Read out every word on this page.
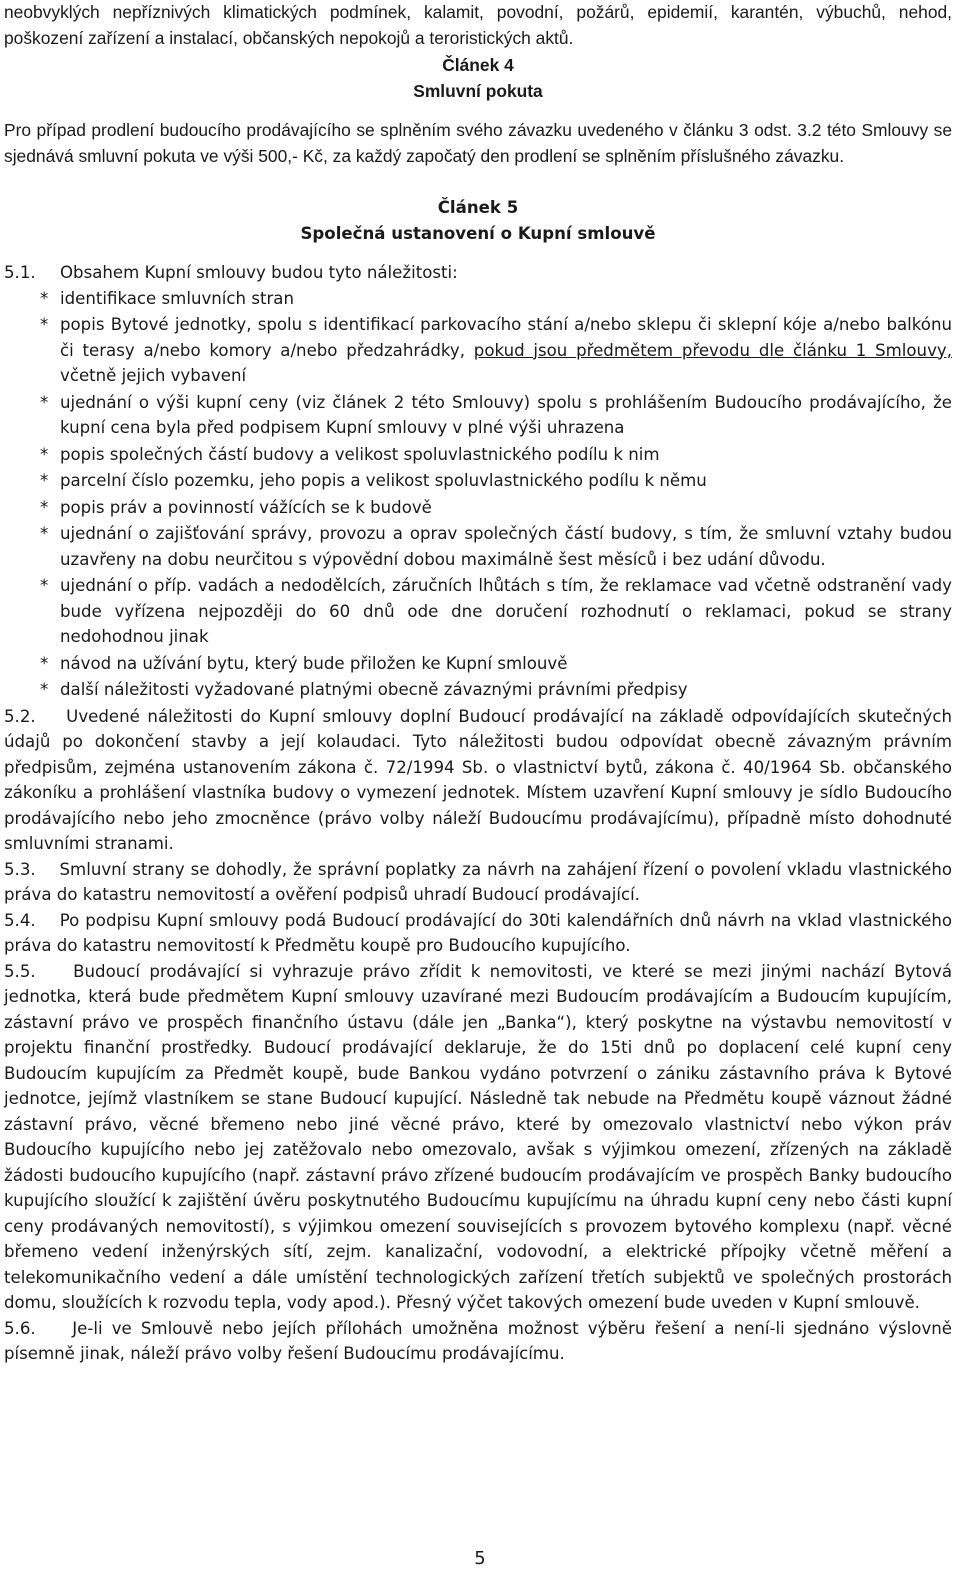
neobvyklých nepříznivých klimatických podmínek, kalamit, povodní, požárů, epidemií, karantén, výbuchů, nehod, poškození zařízení a instalací, občanských nepokojů a teroristických aktů.

Článek 4

Smluvní pokuta

Pro případ prodlení budoucího prodávajícího se splněním svého závazku uvedeného v článku 3 odst. 3.2 této Smlouvy se sjednává smluvní pokuta ve výši 500,- Kč, za každý započatý den prodlení se splněním příslušného závazku.

Článek 5

Společná ustanovení o Kupní smlouvě

5.1.	Obsahem Kupní smlouvy budou tyto náležitosti:
* identifikace smluvních stran
* popis Bytové jednotky, spolu s identifikací parkovacího stání a/nebo sklepu či sklepní kóje a/nebo balkónu či terasy a/nebo komory a/nebo předzahrádky, pokud jsou předmětem převodu dle článku 1 Smlouvy, včetně jejich vybavení
* ujednání o výši kupní ceny (viz článek 2 této Smlouvy) spolu s prohlášením Budoucího prodávajícího, že kupní cena byla před podpisem Kupní smlouvy v plné výši uhrazena
* popis společných částí budovy a velikost spoluvlastnického podílu k nim
* parcelní číslo pozemku, jeho popis a velikost spoluvlastnického podílu k němu
* popis práv a povinností vážících se k budově
* ujednání o zajišťování správy, provozu a oprav společných částí budovy, s tím, že smluvní vztahy budou uzavřeny na dobu neurčitou s výpovědní dobou maximálně šest měsíců i bez udání důvodu.
* ujednání o příp. vadách a nedodělcích, záručních lhůtách s tím, že reklamace vad včetně odstranění vady bude vyřízena nejpozději do 60 dnů ode dne doručení rozhodnutí o reklamaci, pokud se strany nedohodnou jinak
* návod na užívání bytu, který bude přiložen ke Kupní smlouvě
* další náležitosti vyžadované platnými obecně závaznými právními předpisy

5.2. Uvedené náležitosti do Kupní smlouvy doplní Budoucí prodávající na základě odpovídajících skutečných údajů po dokončení stavby a její kolaudaci. Tyto náležitosti budou odpovídat obecně závazným právním předpisům, zejména ustanovením zákona č. 72/1994 Sb. o vlastnictví bytů, zákona č. 40/1964 Sb. občanského zákoníku a prohlášení vlastníka budovy o vymezení jednotek. Místem uzavření Kupní smlouvy je sídlo Budoucího prodávajícího nebo jeho zmocněnce (právo volby náleží Budoucímu prodávajícímu), případně místo dohodnuté smluvními stranami.

5.3. Smluvní strany se dohodly, že správní poplatky za návrh na zahájení řízení o povolení vkladu vlastnického práva do katastru nemovitostí a ověření podpisů uhradí Budoucí prodávající.

5.4. Po podpisu Kupní smlouvy podá Budoucí prodávající do 30ti kalendářních dnů návrh na vklad vlastnického práva do katastru nemovitostí k Předmětu koupě pro Budoucího kupujícího.

5.5. Budoucí prodávající si vyhrazuje právo zřídit k nemovitosti, ve které se mezi jinými nachází Bytová jednotka, která bude předmětem Kupní smlouvy uzavírané mezi Budoucím prodávajícím a Budoucím kupujícím, zástavní právo ve prospěch finančního ústavu (dále jen „Banka“), který poskytne na výstavbu nemovitostí v projektu finanční prostředky. Budoucí prodávající deklaruje, že do 15ti dnů po doplacení celé kupní ceny Budoucím kupujícím za Předmět koupě, bude Bankou vydáno potvrzení o zániku zástavního práva k Bytové jednotce, jejímž vlastníkem se stane Budoucí kupující. Následně tak nebude na Předmětu koupě váznout žádné zástavní právo, věcné břemeno nebo jiné věcné právo, které by omezovalo vlastnictví nebo výkon práv Budoucího kupujícího nebo jej zatěžovalo nebo omezovalo, avšak s výjimkou omezení, zřízených na základě žádosti budoucího kupujícího (např. zástavní právo zřízené budoucím prodávajícím ve prospěch Banky budoucího kupujícího sloužící k zajištění úvěru poskytnutého Budoucímu kupujícímu na úhradu kupní ceny nebo části kupní ceny prodávaných nemovitostí), s výjimkou omezení souvisejících s provozem bytového komplexu (např. věcné břemeno vedení inženýrských sítí, zejm. kanalizační, vodovodní, a elektrické přípojky včetně měření a telekomunikačního vedení a dále umístění technologických zařízení třetích subjektů ve společných prostorách domu, sloužících k rozvodu tepla, vody apod.). Přesný výčet takových omezení bude uveden v Kupní smlouvě.

5.6. Je-li ve Smlouvě nebo jejích přílohách umožněna možnost výběru řešení a není-li sjednáno výslovně písemně jinak, náleží právo volby řešení Budoucímu prodávajícímu.

5
